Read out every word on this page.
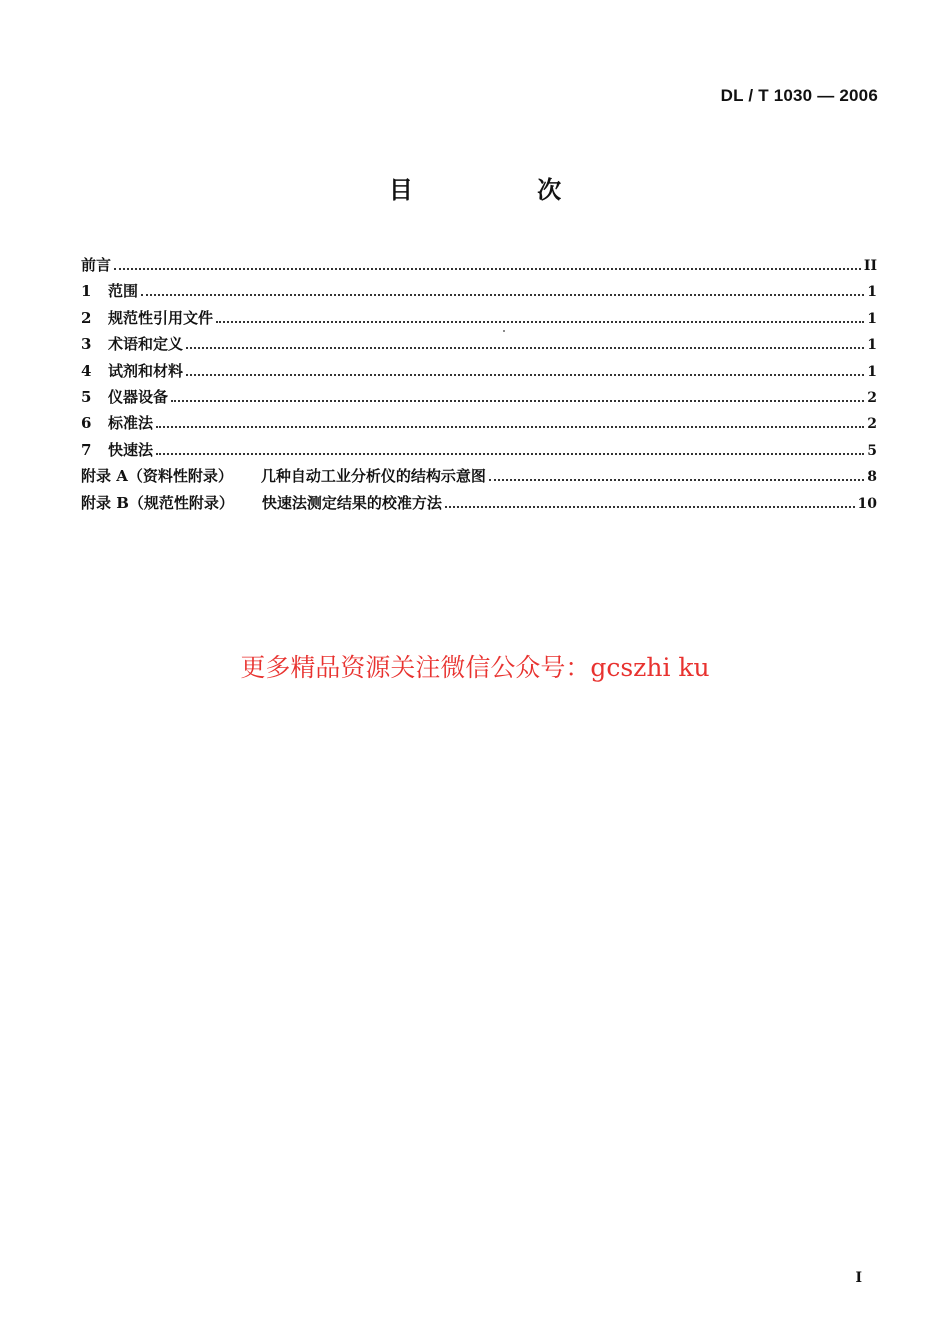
DL / T 1030 — 2006
目 次
前言	II
1	范围	1
2	规范性引用文件	1
3	术语和定义	1
4	试剂和材料	1
5	仪器设备	2
6	标准法	2
7	快速法	5
附录 A（资料性附录） 几种自动工业分析仪的结构示意图	8
附录 B（规范性附录） 快速法测定结果的校准方法	10
更多精品资源关注微信公众号：gcszhi ku
I
